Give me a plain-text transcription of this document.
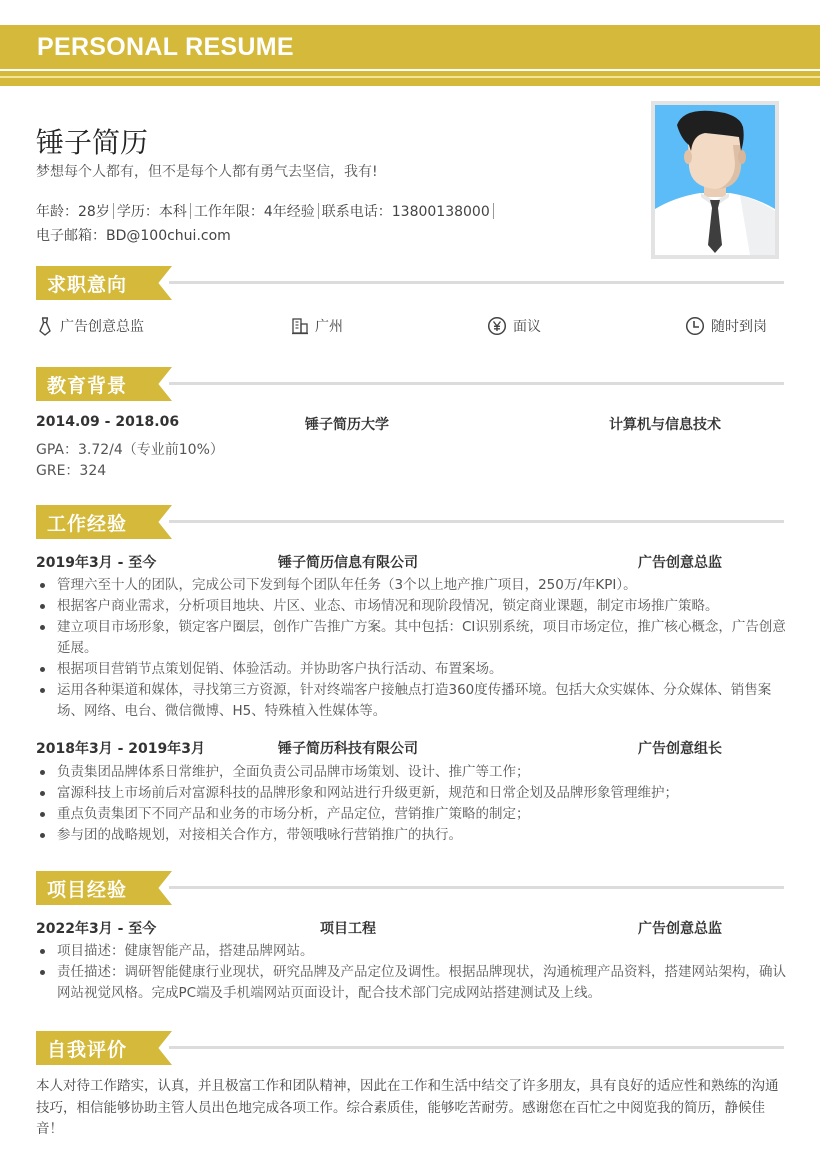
PERSONAL RESUME
锤子简历
梦想每个人都有，但不是每个人都有勇气去坚信，我有!
年龄：28岁 学历：本科 工作年限：4年经验 联系电话：13800138000
电子邮箱：BD@100chui.com
求职意向
广告创意总监	广州	面议	随时到岗
教育背景
2014.09 - 2018.06	锤子简历大学	计算机与信息技术
GPA：3.72/4（专业前10%）
GRE：324
工作经验
2019年3月 - 至今	锤子简历信息有限公司	广告创意总监
管理六至十人的团队，完成公司下发到每个团队年任务（3个以上地产推广项目，250万/年KPI）。
根据客户商业需求，分析项目地块、片区、业态、市场情况和现阶段情况，锁定商业课题，制定市场推广策略。
建立项目市场形象，锁定客户圈层，创作广告推广方案。其中包括：CI识别系统，项目市场定位，推广核心概念，广告创意延展。
根据项目营销节点策划促销、体验活动。并协助客户执行活动、布置案场。
运用各种渠道和媒体，寻找第三方资源，针对终端客户接触点打造360度传播环境。包括大众实媒体、分众媒体、销售案场、网络、电台、微信微博、H5、特殊植入性媒体等。
2018年3月 - 2019年3月	锤子简历科技有限公司	广告创意组长
负责集团品牌体系日常维护，全面负责公司品牌市场策划、设计、推广等工作；
富源科技上市场前后对富源科技的品牌形象和网站进行升级更新，规范和日常企划及品牌形象管理维护；
重点负责集团下不同产品和业务的市场分析，产品定位，营销推广策略的制定；
参与团的战略规划，对接相关合作方，带领哦咏行营销推广的执行。
项目经验
2022年3月 - 至今	项目工程	广告创意总监
项目描述：健康智能产品，搭建品牌网站。
责任描述：调研智能健康行业现状，研究品牌及产品定位及调性。根据品牌现状，沟通梳理产品资料，搭建网站架构，确认网站视觉风格。完成PC端及手机端网站页面设计，配合技术部门完成网站搭建测试及上线。
自我评价
本人对待工作踏实，认真，并且极富工作和团队精神，因此在工作和生活中结交了许多朋友，具有良好的适应性和熟练的沟通技巧，相信能够协助主管人员出色地完成各项工作。综合素质佳，能够吃苦耐劳。感谢您在百忙之中阅览我的简历，静候佳音！
